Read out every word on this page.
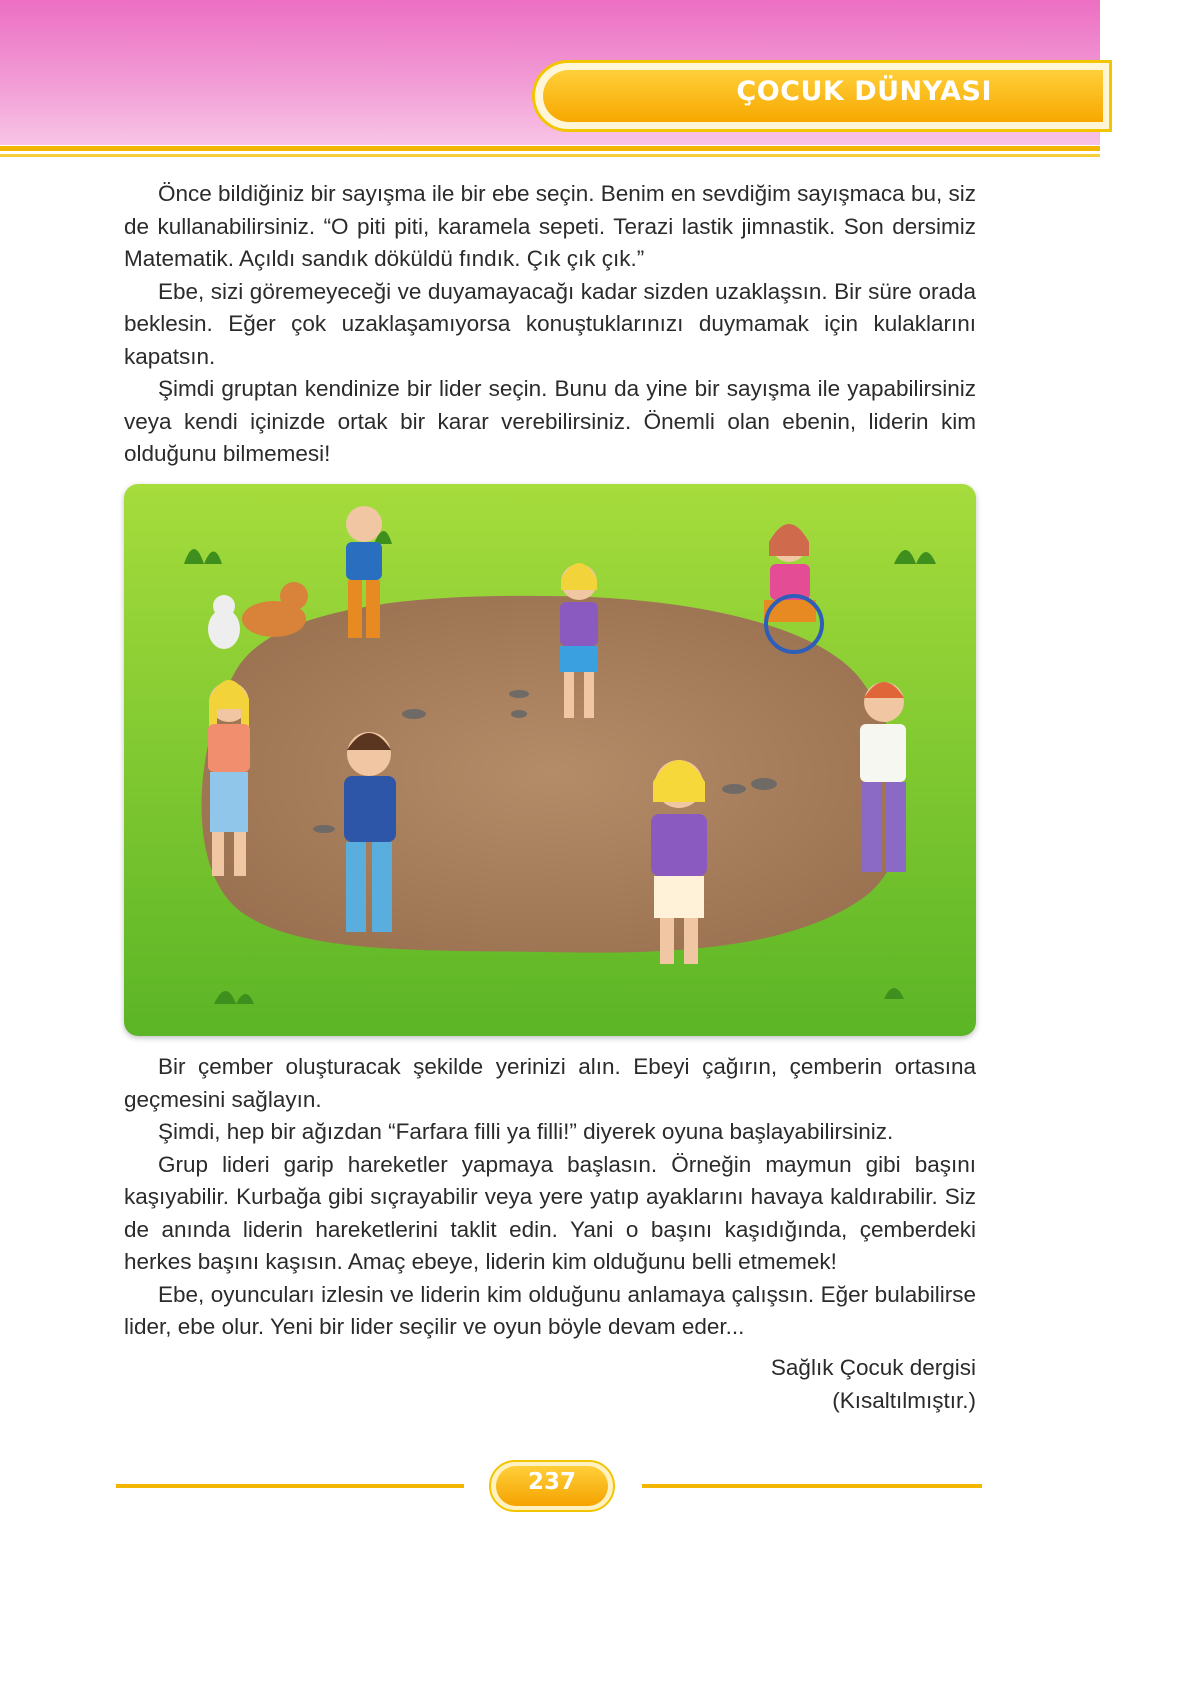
ÇOCUK DÜNYASI

Önce bildiğiniz bir sayışma ile bir ebe seçin. Benim en sevdiğim sayışmaca bu, siz de kullanabilirsiniz. “O piti piti, karamela sepeti. Terazi lastik jimnastik. Son dersimiz Matematik. Açıldı sandık döküldü fındık. Çık çık çık.”

Ebe, sizi göremeyeceği ve duyamayacağı kadar sizden uzaklaşsın. Bir süre orada beklesin. Eğer çok uzaklaşamıyorsa konuştuklarınızı duymamak için kulaklarını kapatsın.

Şimdi gruptan kendinize bir lider seçin. Bunu da yine bir sayışma ile yapabilirsiniz veya kendi içinizde ortak bir karar verebilirsiniz. Önemli olan ebenin, liderin kim olduğunu bilmemesi!

Bir çember oluşturacak şekilde yerinizi alın. Ebeyi çağırın, çemberin ortasına geçmesini sağlayın.

Şimdi, hep bir ağızdan “Farfara filli ya filli!” diyerek oyuna başlayabilirsiniz.

Grup lideri garip hareketler yapmaya başlasın. Örneğin maymun gibi başını kaşıyabilir. Kurbağa gibi sıçrayabilir veya yere yatıp ayaklarını havaya kaldırabilir. Siz de anında liderin hareketlerini taklit edin. Yani o başını kaşıdığında, çemberdeki herkes başını kaşısın. Amaç ebeye, liderin kim olduğunu belli etmemek!

Ebe, oyuncuları izlesin ve liderin kim olduğunu anlamaya çalışsın. Eğer bulabilirse lider, ebe olur. Yeni bir lider seçilir ve oyun böyle devam eder...

Sağlık Çocuk dergisi
(Kısaltılmıştır.)
237
